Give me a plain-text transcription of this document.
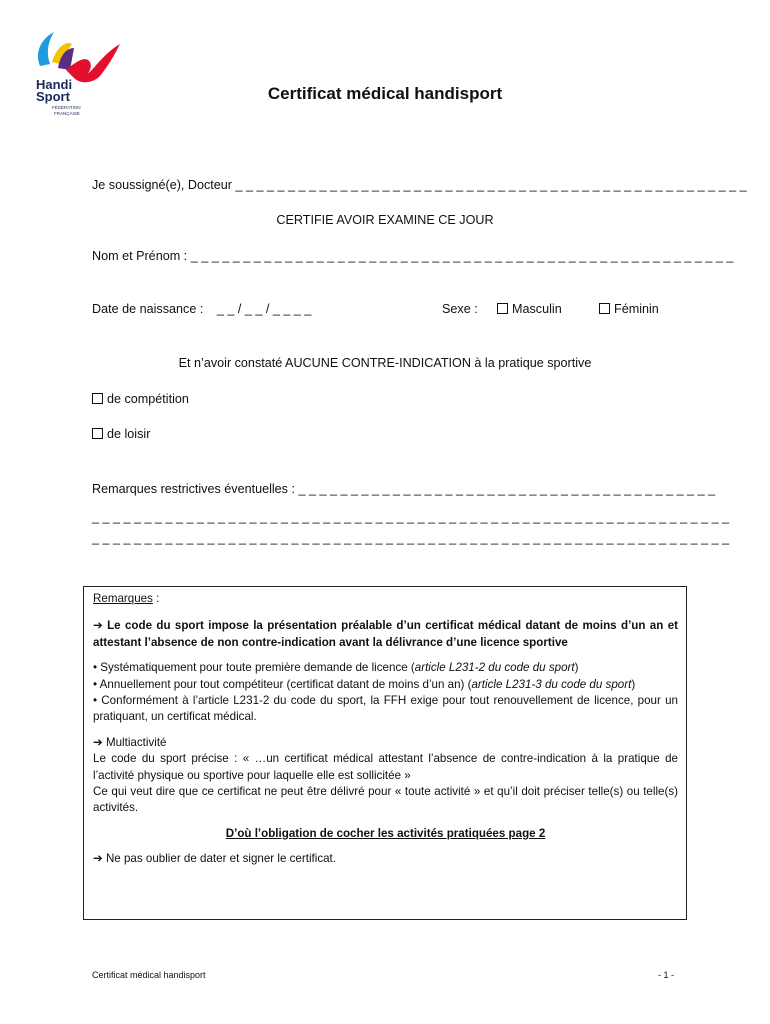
Handi
Sport
FÉDÉRATION
FRANÇAISE
Certificat médical handisport
Je soussigné(e), Docteur _ _ _ _ _ _ _ _ _ _ _ _ _ _ _ _ _ _ _ _ _ _ _ _ _ _ _ _ _ _ _ _ _ _ _ _ _ _ _ _ _ _ _ _ _ _ _ _ _
CERTIFIE AVOIR EXAMINE CE JOUR
Nom et Prénom : _ _ _ _ _ _ _ _ _ _ _ _ _ _ _ _ _ _ _ _ _ _ _ _ _ _ _ _ _ _ _ _ _ _ _ _ _ _ _ _ _ _ _ _ _ _ _ _ _ _ _ _
Date de naissance : _ _ / _ _ / _ _ _ _	Sexe :	Masculin	Féminin
Et n’avoir constaté AUCUNE CONTRE-INDICATION à la pratique sportive
de compétition
de loisir
Remarques restrictives éventuelles : _ _ _ _ _ _ _ _ _ _ _ _ _ _ _ _ _ _ _ _ _ _ _ _ _ _ _ _ _ _ _ _ _ _ _ _ _ _ _ _
_ _ _ _ _ _ _ _ _ _ _ _ _ _ _ _ _ _ _ _ _ _ _ _ _ _ _ _ _ _ _ _ _ _ _ _ _ _ _ _ _ _ _ _ _ _ _ _ _ _ _ _ _ _ _ _ _ _ _ _ _
_ _ _ _ _ _ _ _ _ _ _ _ _ _ _ _ _ _ _ _ _ _ _ _ _ _ _ _ _ _ _ _ _ _ _ _ _ _ _ _ _ _ _ _ _ _ _ _ _ _ _ _ _ _ _ _ _ _ _ _ _

Remarques :

➔ Le code du sport impose la présentation préalable d’un certificat médical datant de moins d’un an et attestant l’absence de non contre-indication avant la délivrance d’une licence sportive

• Systématiquement pour toute première demande de licence (article L231-2 du code du sport)

• Annuellement pour tout compétiteur (certificat datant de moins d’un an) (article L231-3 du code du sport)

• Conformément à l’article L231-2 du code du sport, la FFH exige pour tout renouvellement de licence, pour un pratiquant, un certificat médical.

➔ Multiactivité

Le code du sport précise : « …un certificat médical attestant l’absence de contre-indication à la pratique de l’activité physique ou sportive pour laquelle elle est sollicitée »

Ce qui veut dire que ce certificat ne peut être délivré pour « toute activité » et qu’il doit préciser telle(s) ou telle(s) activités.

D’où l’obligation de cocher les activités pratiquées page 2

➔ Ne pas oublier de dater et signer le certificat.

Certificat médical handisport	- 1 -
